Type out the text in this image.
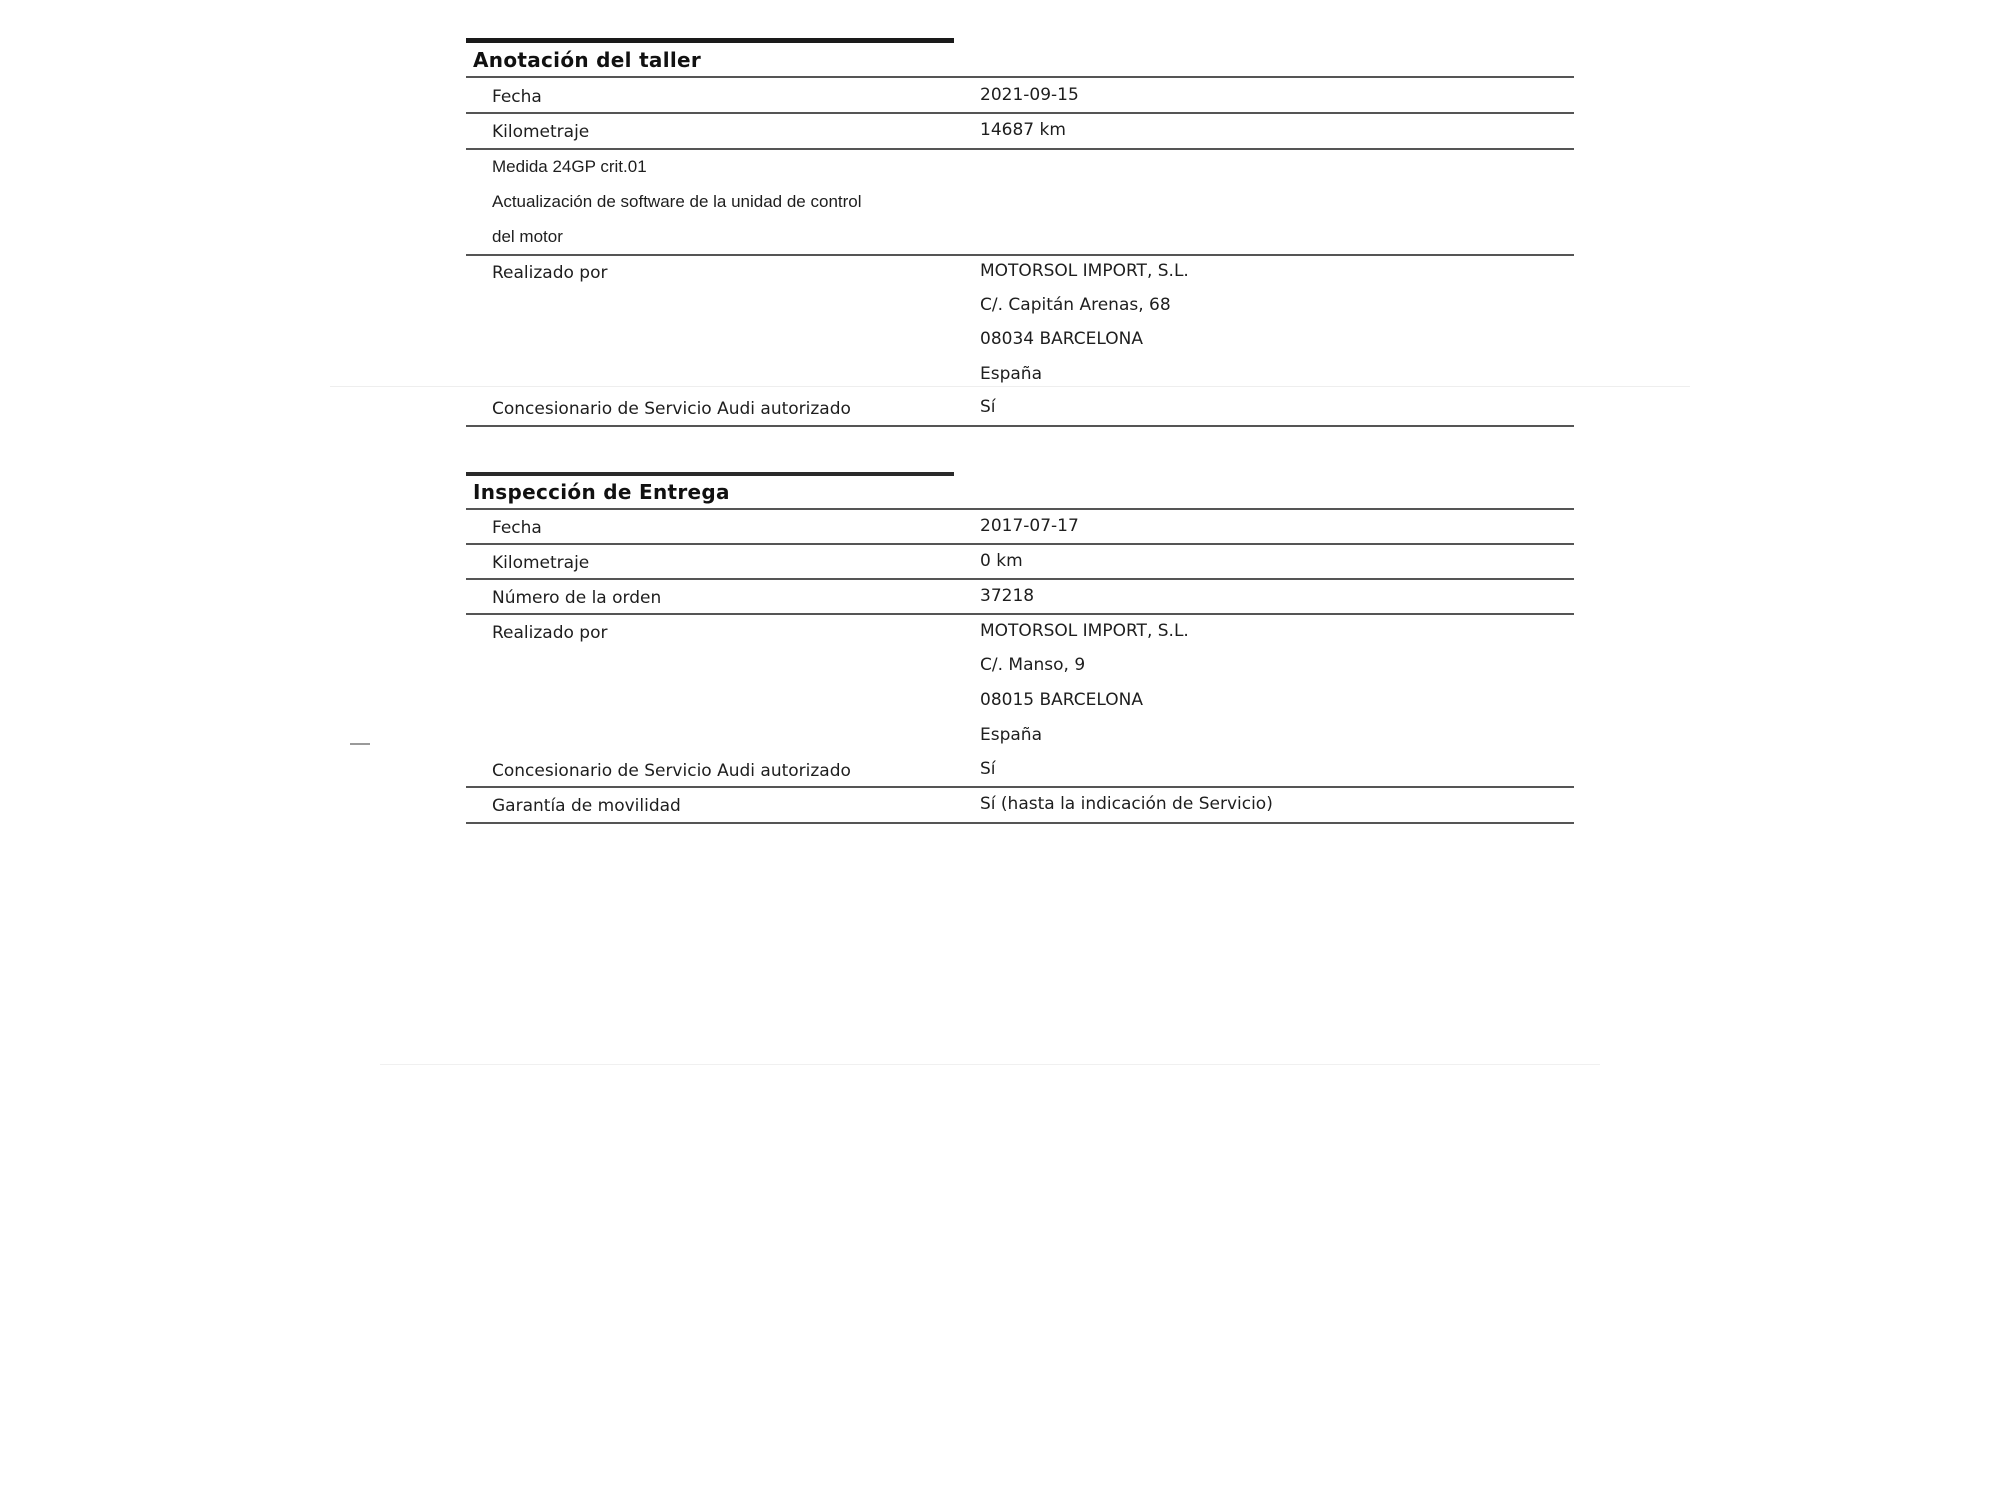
Anotación del taller
Fecha	2021-09-15
Kilometraje	14687 km
Medida 24GP crit.01
Actualización de software de la unidad de control
del motor
Realizado por	MOTORSOL IMPORT, S.L.
C/. Capitán Arenas, 68
08034 BARCELONA
España
Concesionario de Servicio Audi autorizado	Sí
Inspección de Entrega
Fecha	2017-07-17
Kilometraje	0 km
Número de la orden	37218
Realizado por	MOTORSOL IMPORT, S.L.
C/. Manso, 9
08015 BARCELONA
España
Concesionario de Servicio Audi autorizado	Sí
Garantía de movilidad	Sí (hasta la indicación de Servicio)
